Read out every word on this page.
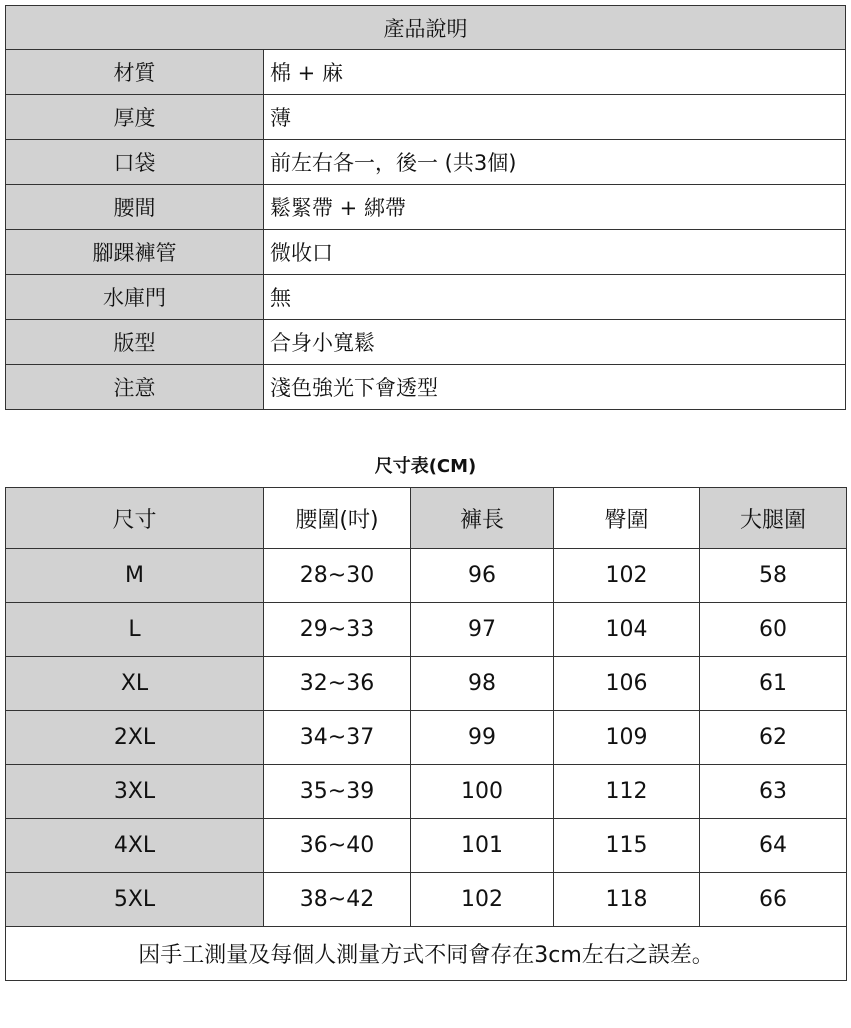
產品說明	
材質	棉 + 麻
厚度	薄
口袋	前左右各一，後一 (共3個)
腰間	鬆緊帶 + 綁帶
腳踝褲管	微收口
水庫門	無
版型	合身小寬鬆
注意	淺色強光下會透型

尺寸表(CM)

尺寸	腰圍(吋)	褲長	臀圍	大腿圍
M	28~30	96	102	58
L	29~33	97	104	60
XL	32~36	98	106	61
2XL	34~37	99	109	62
3XL	35~39	100	112	63
4XL	36~40	101	115	64
5XL	38~42	102	118	66
因手工測量及每個人測量方式不同會存在3cm左右之誤差。				
